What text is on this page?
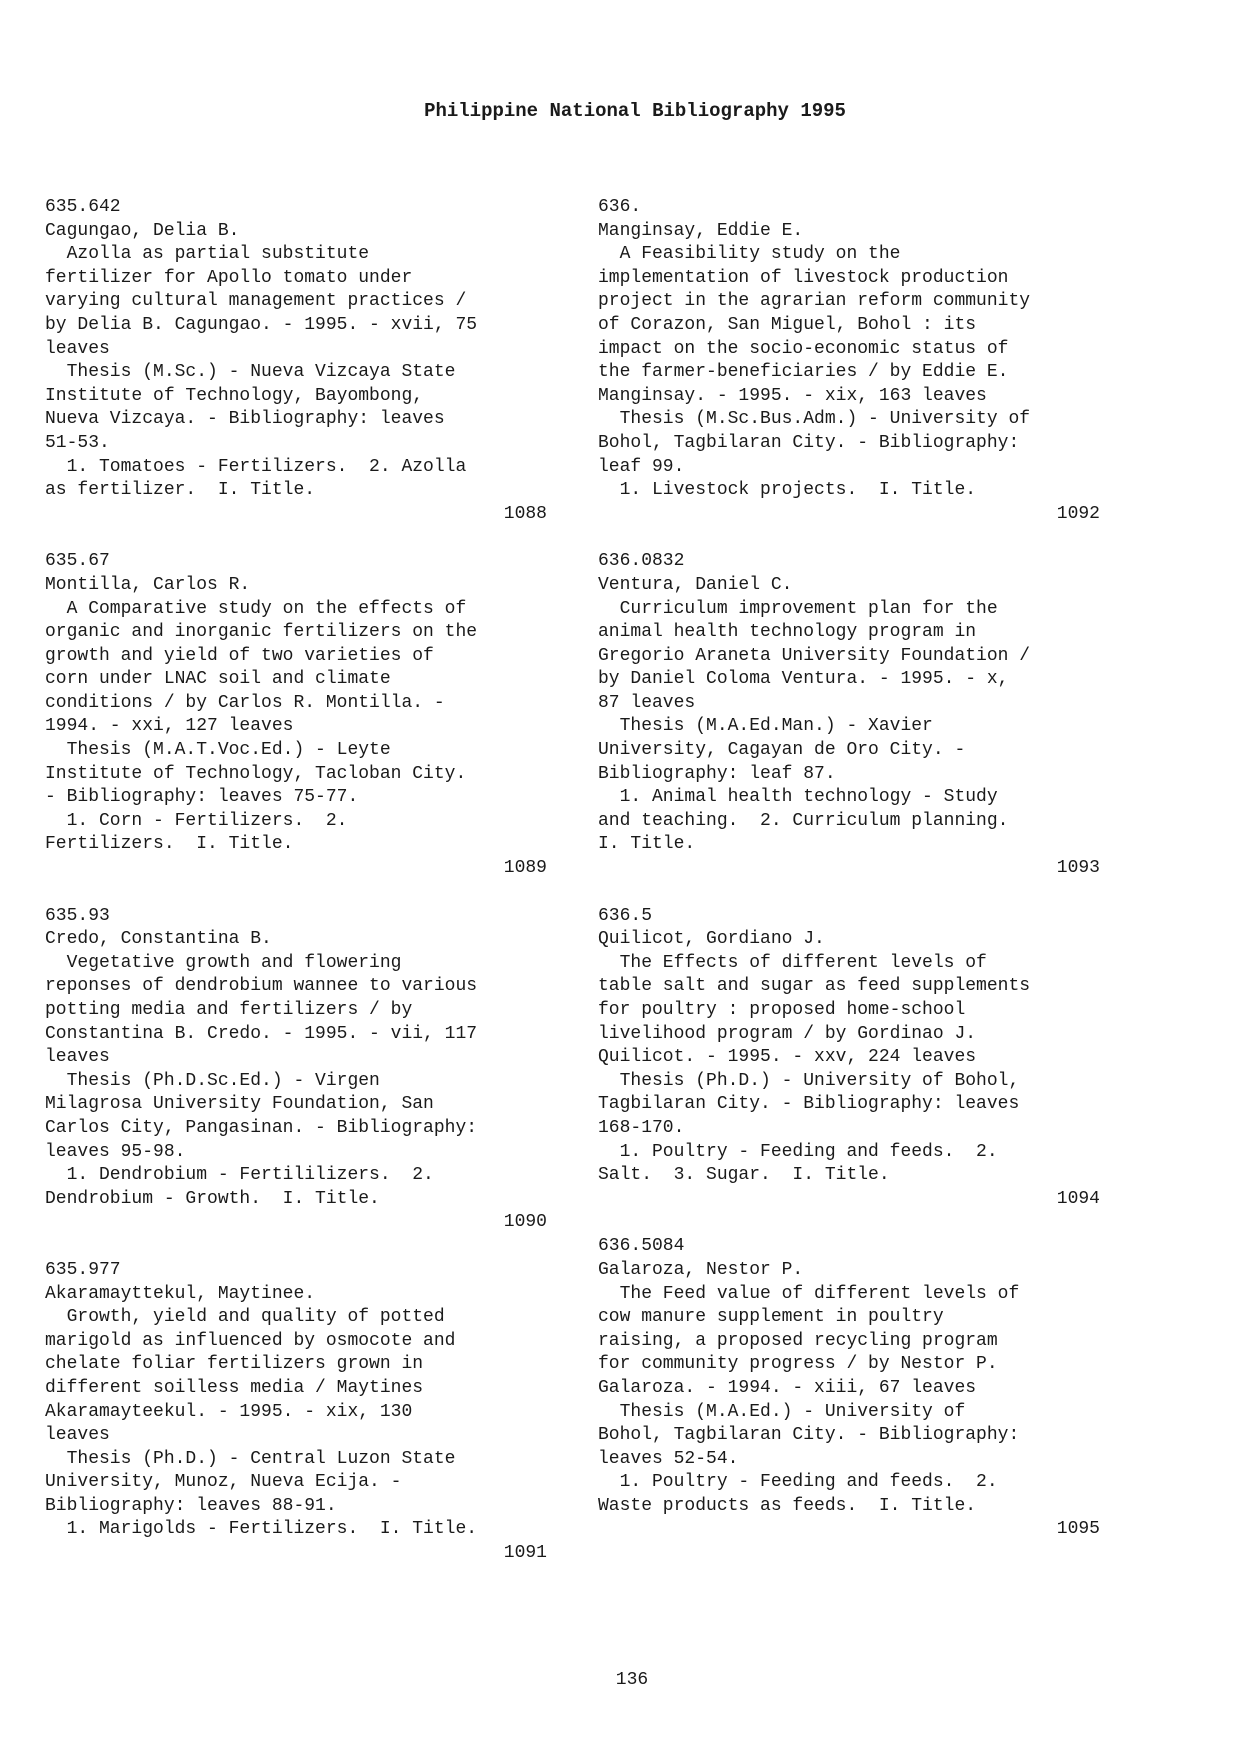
Philippine National Bibliography 1995
635.642
Cagungao, Delia B.
Azolla as partial substitute
fertilizer for Apollo tomato under
varying cultural management practices /
by Delia B. Cagungao. - 1995. - xvii, 75
leaves
Thesis (M.Sc.) - Nueva Vizcaya State
Institute of Technology, Bayombong,
Nueva Vizcaya. - Bibliography: leaves
51-53.
1. Tomatoes - Fertilizers.  2. Azolla
as fertilizer.  I. Title.
1088
635.67
Montilla, Carlos R.
A Comparative study on the effects of
organic and inorganic fertilizers on the
growth and yield of two varieties of
corn under LNAC soil and climate
conditions / by Carlos R. Montilla. -
1994. - xxi, 127 leaves
Thesis (M.A.T.Voc.Ed.) - Leyte
Institute of Technology, Tacloban City.
- Bibliography: leaves 75-77.
1. Corn - Fertilizers.  2.
Fertilizers.  I. Title.
1089
635.93
Credo, Constantina B.
Vegetative growth and flowering
reponses of dendrobium wannee to various
potting media and fertilizers / by
Constantina B. Credo. - 1995. - vii, 117
leaves
Thesis (Ph.D.Sc.Ed.) - Virgen
Milagrosa University Foundation, San
Carlos City, Pangasinan. - Bibliography:
leaves 95-98.
1. Dendrobium - Fertililizers.  2.
Dendrobium - Growth.  I. Title.
1090
635.977
Akaramayttekul, Maytinee.
Growth, yield and quality of potted
marigold as influenced by osmocote and
chelate foliar fertilizers grown in
different soilless media / Maytines
Akaramayteekul. - 1995. - xix, 130
leaves
Thesis (Ph.D.) - Central Luzon State
University, Munoz, Nueva Ecija. -
Bibliography: leaves 88-91.
1. Marigolds - Fertilizers.  I. Title.
1091
636.
Manginsay, Eddie E.
A Feasibility study on the
implementation of livestock production
project in the agrarian reform community
of Corazon, San Miguel, Bohol : its
impact on the socio-economic status of
the farmer-beneficiaries / by Eddie E.
Manginsay. - 1995. - xix, 163 leaves
Thesis (M.Sc.Bus.Adm.) - University of
Bohol, Tagbilaran City. - Bibliography:
leaf 99.
1. Livestock projects.  I. Title.
1092
636.0832
Ventura, Daniel C.
Curriculum improvement plan for the
animal health technology program in
Gregorio Araneta University Foundation /
by Daniel Coloma Ventura. - 1995. - x,
87 leaves
Thesis (M.A.Ed.Man.) - Xavier
University, Cagayan de Oro City. -
Bibliography: leaf 87.
1. Animal health technology - Study
and teaching.  2. Curriculum planning.
I. Title.
1093
636.5
Quilicot, Gordiano J.
The Effects of different levels of
table salt and sugar as feed supplements
for poultry : proposed home-school
livelihood program / by Gordinao J.
Quilicot. - 1995. - xxv, 224 leaves
Thesis (Ph.D.) - University of Bohol,
Tagbilaran City. - Bibliography: leaves
168-170.
1. Poultry - Feeding and feeds.  2.
Salt.  3. Sugar.  I. Title.
1094
636.5084
Galaroza, Nestor P.
The Feed value of different levels of
cow manure supplement in poultry
raising, a proposed recycling program
for community progress / by Nestor P.
Galaroza. - 1994. - xiii, 67 leaves
Thesis (M.A.Ed.) - University of
Bohol, Tagbilaran City. - Bibliography:
leaves 52-54.
1. Poultry - Feeding and feeds.  2.
Waste products as feeds.  I. Title.
1095
136
